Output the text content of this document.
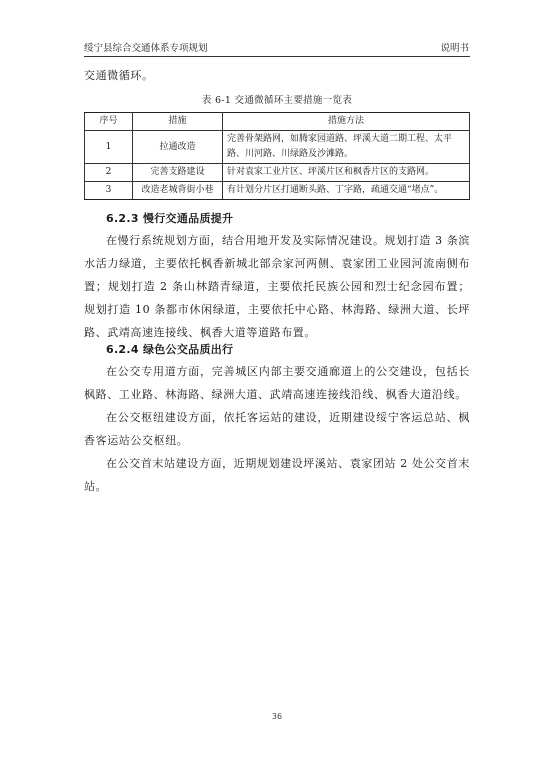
绥宁县综合交通体系专项规划	说明书
交通微循环。
表 6-1 交通微循环主要措施一览表
序号	措施	措施方法
1	拉通改造	完善骨架路网，如腾家园道路、坪溪大道二期工程、太平路、川河路、川绿路及沙滩路。
2	完善支路建设	针对袁家工业片区、坪溪片区和枫香片区的支路网。
3	改造老城背街小巷	有计划分片区打通断头路、丁字路，疏通交通“堵点”。
6.2.3 慢行交通品质提升
在慢行系统规划方面，结合用地开发及实际情况建设。规划打造 3 条滨水活力绿道，主要依托枫香新城北部佘家河两侧、袁家团工业园河流南侧布置；规划打造 2 条山林踏青绿道，主要依托民族公园和烈士纪念园布置；规划打造 10 条都市休闲绿道，主要依托中心路、林海路、绿洲大道、长坪路、武靖高速连接线、枫香大道等道路布置。
6.2.4 绿色公交品质出行
在公交专用道方面，完善城区内部主要交通廊道上的公交建设，包括长枫路、工业路、林海路、绿洲大道、武靖高速连接线沿线、枫香大道沿线。
在公交枢纽建设方面，依托客运站的建设，近期建设绥宁客运总站、枫香客运站公交枢纽。
在公交首末站建设方面，近期规划建设坪溪站、袁家团站 2 处公交首末站。
36
